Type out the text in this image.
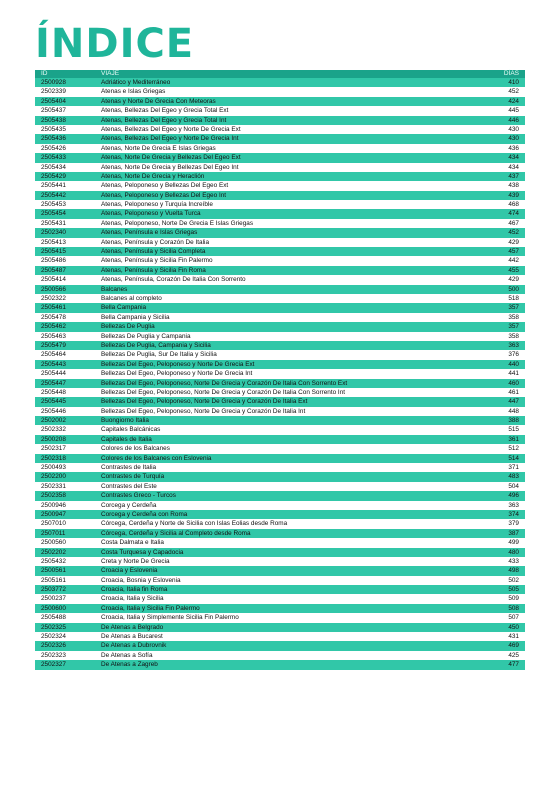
ÍNDICE
ID	VIAJE	DÍAS
2500928	Adriático y Mediterráneo	410
2502339	Atenas e Islas Griegas	452
2505404	Atenas y Norte De Grecia Con Meteoras	424
2505437	Atenas, Bellezas Del Egeo y Grecia Total Ext	445
2505438	Atenas, Bellezas Del Egeo y Grecia Total Int	446
2505435	Atenas, Bellezas Del Egeo y Norte De Grecia Ext	430
2505436	Atenas, Bellezas Del Egeo y Norte De Grecia Int	430
2505426	Atenas, Norte De Grecia E Islas Griegas	436
2505433	Atenas, Norte De Grecia y Bellezas Del Egeo Ext	434
2505434	Atenas, Norte De Grecia y Bellezas Del Egeo Int	434
2505429	Atenas, Norte De Grecia y Heraclión	437
2505441	Atenas, Peloponeso y Bellezas Del Egeo Ext	438
2505442	Atenas, Peloponeso y Bellezas Del Egeo Int	439
2505453	Atenas, Peloponeso y Turquía Increíble	468
2505454	Atenas, Peloponeso y Vuelta Turca	474
2505431	Atenas, Peloponeso, Norte De Grecia E Islas Griegas	467
2502340	Atenas, Península e Islas Griegas	452
2505413	Atenas, Península y Corazón De Italia	429
2505415	Atenas, Península y Sicilia Completa	457
2505486	Atenas, Península y Sicilia Fin Palermo	442
2505487	Atenas, Península y Sicilia Fin Roma	455
2505414	Atenas, Península, Corazón De Italia Con Sorrento	429
2500566	Balcanes	500
2502322	Balcanes al completo	518
2505461	Bella Campania	357
2505478	Bella Campania y Sicilia	358
2505462	Bellezas De Puglia	357
2505463	Bellezas De Puglia y Campania	358
2505479	Bellezas De Puglia, Campania y Sicilia	363
2505464	Bellezas De Puglia, Sur De Italia y Sicilia	376
2505443	Bellezas Del Egeo, Peloponeso y Norte De Grecia Ext	440
2505444	Bellezas Del Egeo, Peloponeso y Norte De Grecia Int	441
2505447	Bellezas Del Egeo, Peloponeso, Norte De Grecia y Corazón De Italia Con Sorrento Ext	460
2505448	Bellezas Del Egeo, Peloponeso, Norte De Grecia y Corazón De Italia Con Sorrento Int	461
2505445	Bellezas Del Egeo, Peloponeso, Norte De Grecia y Corazón De Italia Ext	447
2505446	Bellezas Del Egeo, Peloponeso, Norte De Grecia y Corazón De Italia Int	448
2502002	Buongiorno Italia	388
2502332	Capitales Balcánicas	515
2500208	Capitales de Italia	361
2502317	Colores de los Balcanes	512
2502318	Colores de los Balcanes con Eslovenia	514
2500493	Contrastes de Italia	371
2502200	Contrastes de Turquía	483
2502331	Contrastes del Este	504
2502358	Contrastes Greco - Turcos	496
2500946	Corcega y Cerdeña	363
2500947	Corcega y Cerdeña con Roma	374
2507010	Córcega, Cerdeña y Norte de Sicilia con Islas Eolias desde Roma	379
2507011	Córcega, Cerdeña y Sicilia al Completo desde Roma	387
2500560	Costa Dalmata e Italia	499
2502202	Costa Turquesa y Capadocia	480
2505432	Creta y Norte De Grecia	433
2500561	Croacia y Eslovenia	498
2505161	Croacia, Bosnia y Eslovenia	502
2503772	Croacia, Italia fin Roma	505
2500237	Croacia, Italia y Sicilia	509
2500600	Croacia, Italia y Sicilia Fin Palermo	508
2505488	Croacia, Italia y Simplemente Sicilia Fin Palermo	507
2502325	De Atenas a Belgrado	450
2502324	De Atenas a Bucarest	431
2502326	De Atenas a Dubrovnik	469
2502323	De Atenas a Sofía	425
2502327	De Atenas a Zagreb	477
